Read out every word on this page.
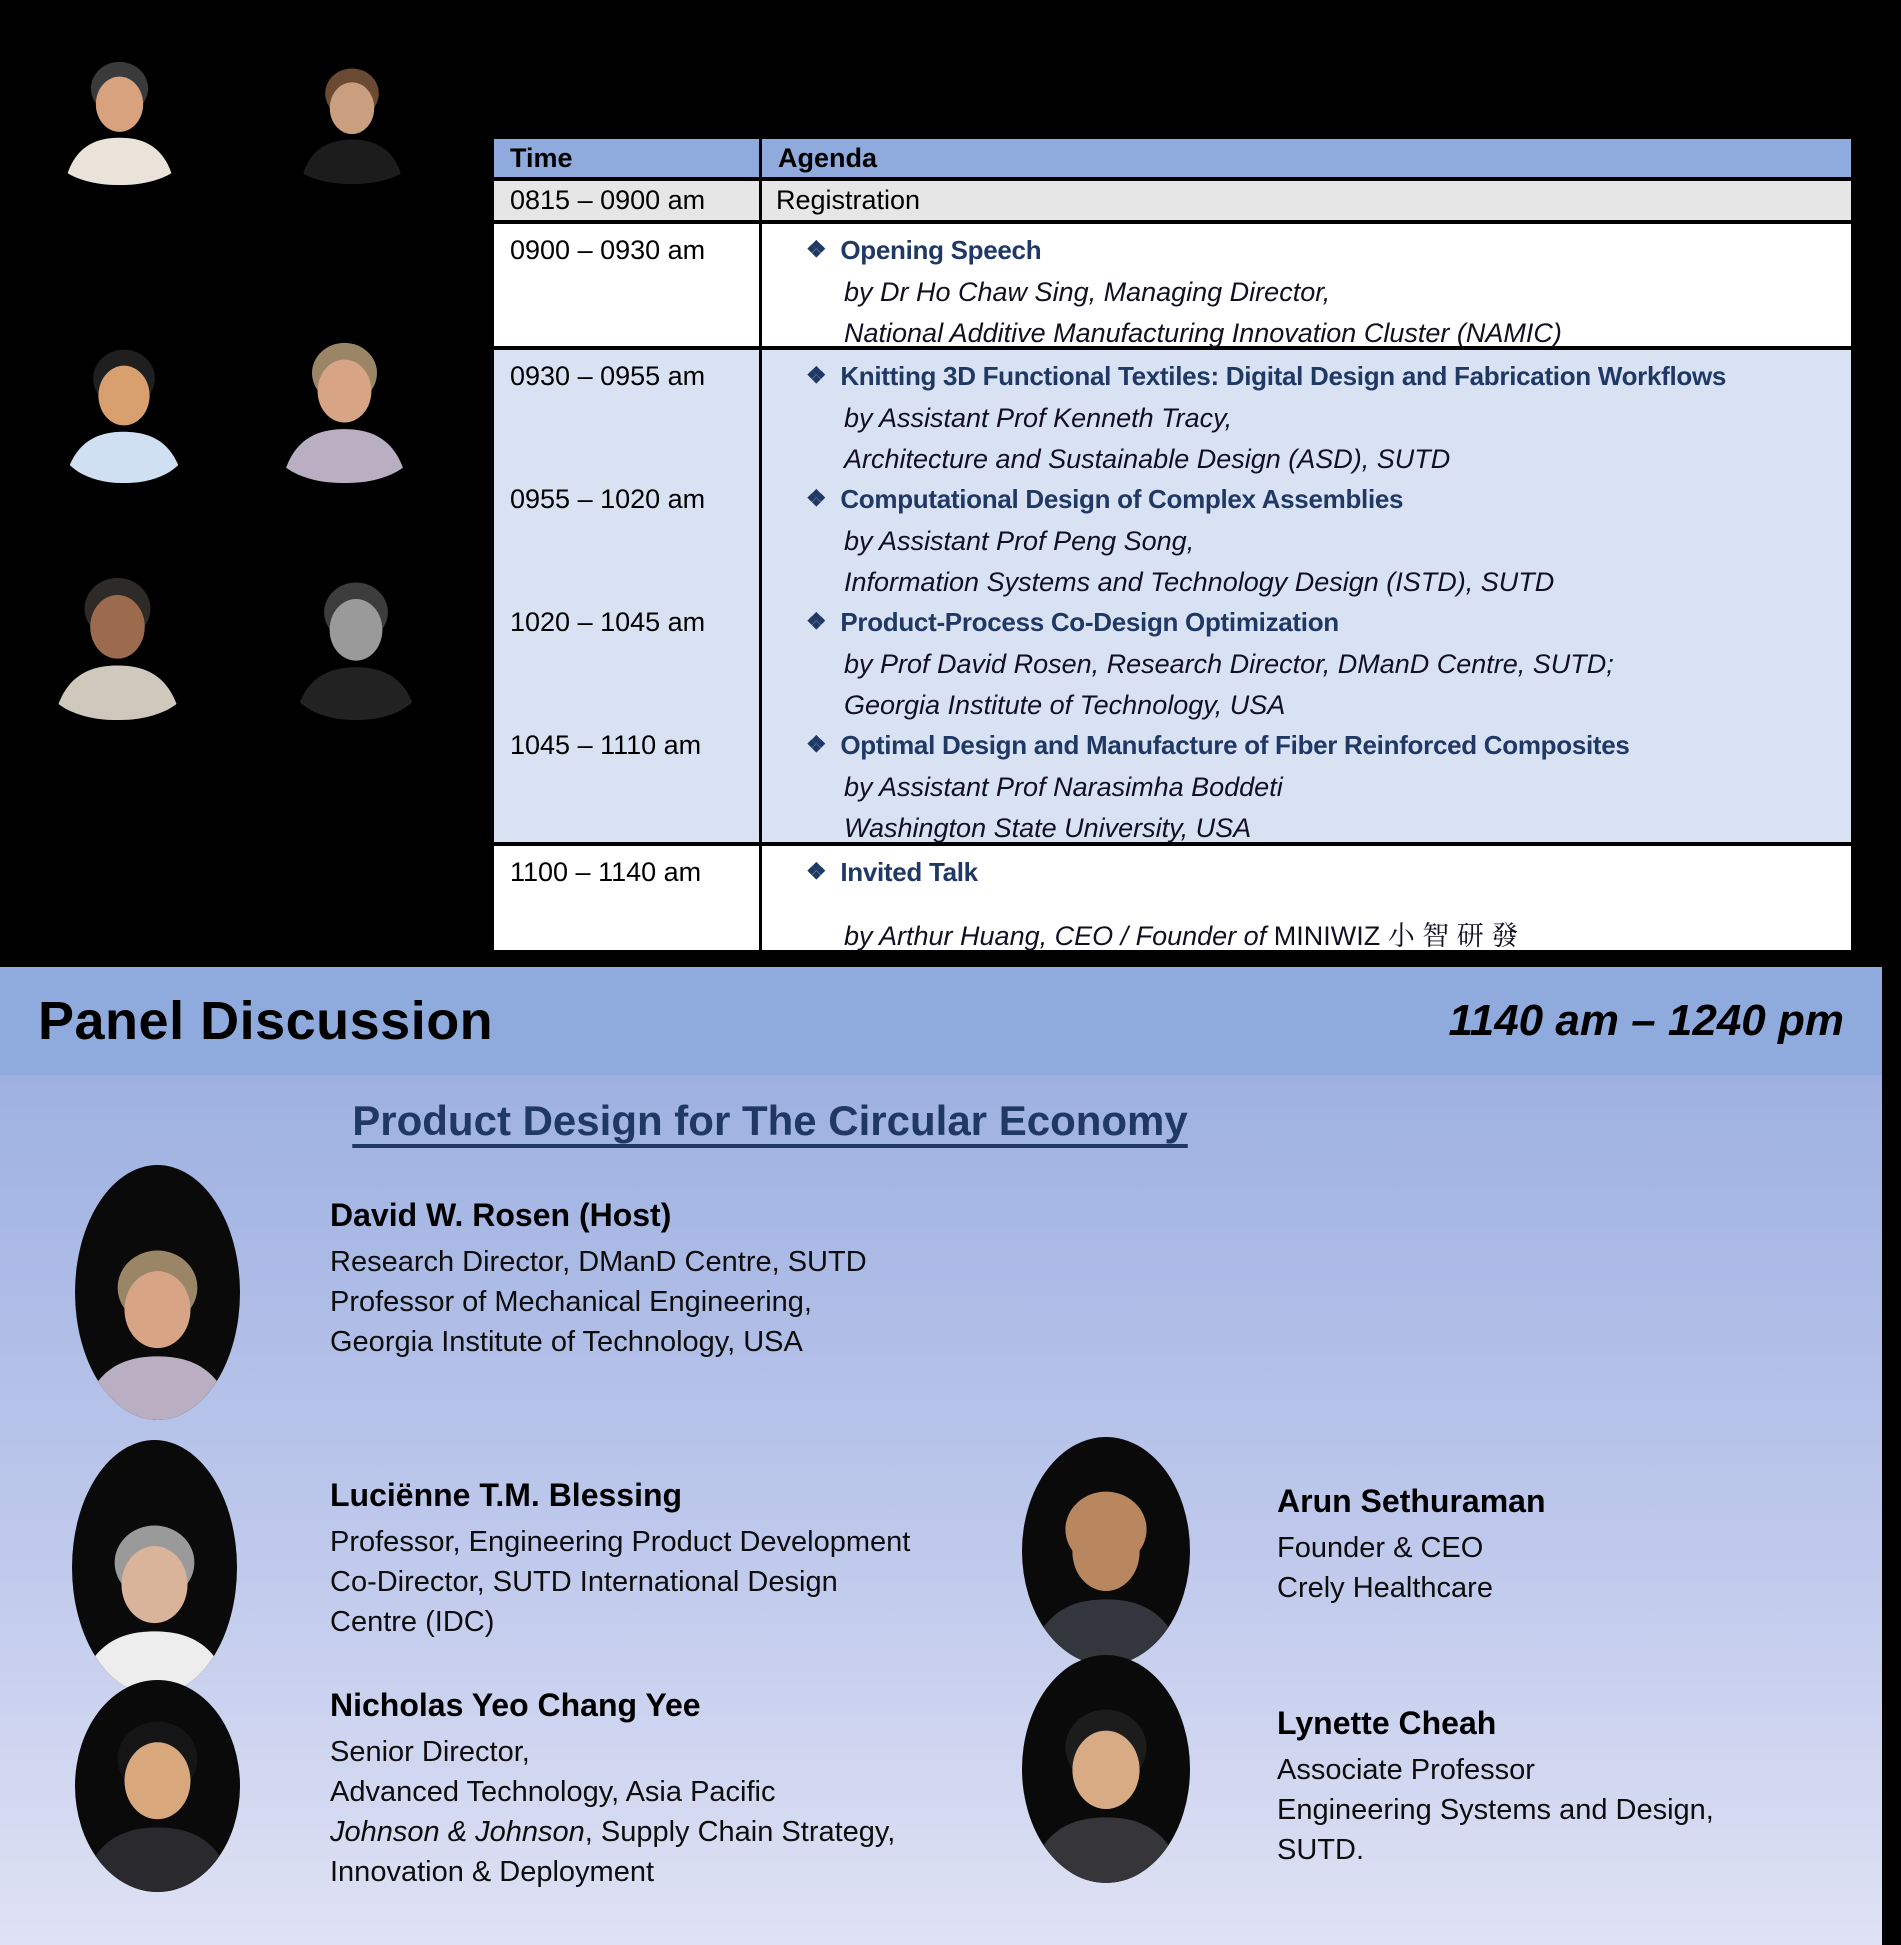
Time	Agenda
0815 – 0900 am	Registration
0900 – 0930 am	❖ Opening Speech
by Dr Ho Chaw Sing, Managing Director,
National Additive Manufacturing Innovation Cluster (NAMIC)
0930 – 0955 am	❖ Knitting 3D Functional Textiles: Digital Design and Fabrication Workflows
by Assistant Prof Kenneth Tracy,
Architecture and Sustainable Design (ASD), SUTD
0955 – 1020 am	❖ Computational Design of Complex Assemblies
by Assistant Prof Peng Song,
Information Systems and Technology Design (ISTD), SUTD
1020 – 1045 am	❖ Product-Process Co-Design Optimization
by Prof David Rosen, Research Director, DManD Centre, SUTD;
Georgia Institute of Technology, USA
1045 – 1110 am	❖ Optimal Design and Manufacture of Fiber Reinforced Composites
by Assistant Prof Narasimha Boddeti
Washington State University, USA
1100 – 1140 am	❖ Invited Talk
by Arthur Huang, CEO / Founder of MINIWIZ 小 智 研 發
Panel Discussion	1140 am – 1240 pm
Product Design for The Circular Economy
David W. Rosen (Host)
Research Director, DManD Centre, SUTD
Professor of Mechanical Engineering,
Georgia Institute of Technology, USA
Luciënne T.M. Blessing
Professor, Engineering Product Development
Co-Director, SUTD International Design
Centre (IDC)
Nicholas Yeo Chang Yee
Senior Director,
Advanced Technology, Asia Pacific
Johnson & Johnson, Supply Chain Strategy,
Innovation & Deployment
Arun Sethuraman
Founder & CEO
Crely Healthcare
Lynette Cheah
Associate Professor
Engineering Systems and Design,
SUTD.
